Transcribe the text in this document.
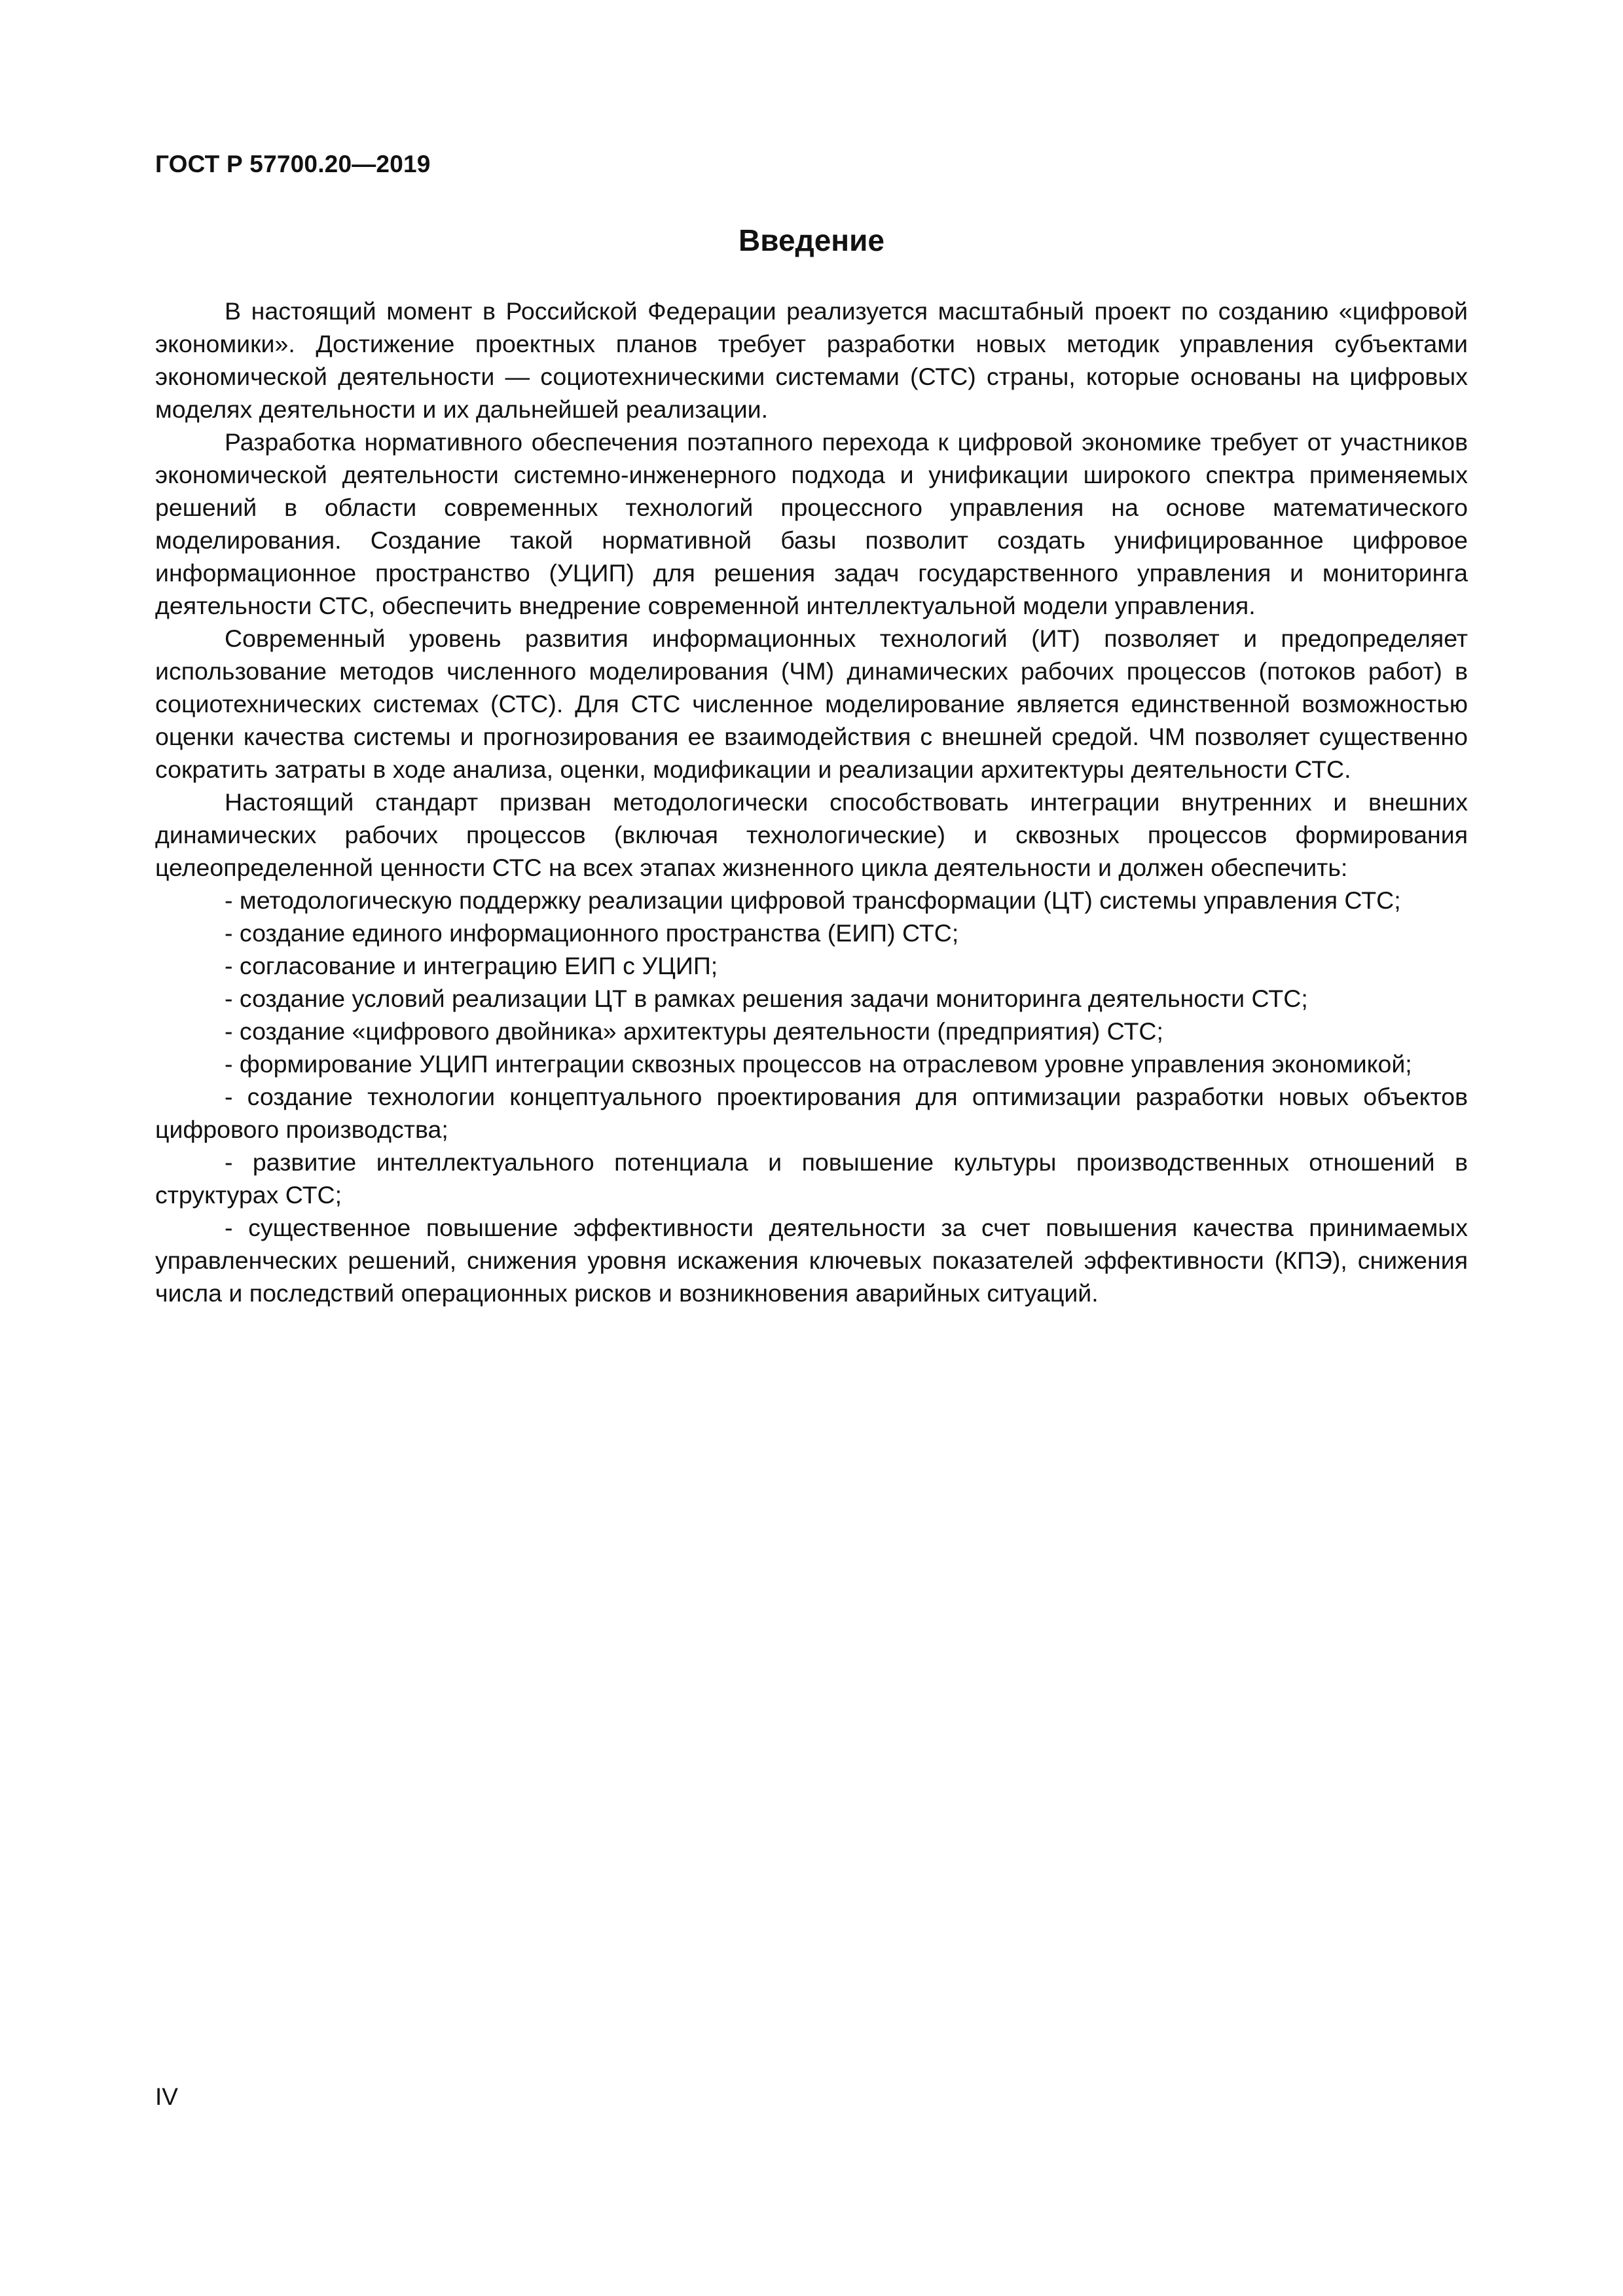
ГОСТ Р 57700.20—2019
Введение

В настоящий момент в Российской Федерации реализуется масштабный проект по созданию «цифровой экономики». Достижение проектных планов требует разработки новых методик управления субъектами экономической деятельности — социотехническими системами (СТС) страны, которые основаны на цифровых моделях деятельности и их дальнейшей реализации.

Разработка нормативного обеспечения поэтапного перехода к цифровой экономике требует от участников экономической деятельности системно-инженерного подхода и унификации широкого спектра применяемых решений в области современных технологий процессного управления на основе математического моделирования. Создание такой нормативной базы позволит создать унифицированное цифровое информационное пространство (УЦИП) для решения задач государственного управления и мониторинга деятельности СТС, обеспечить внедрение современной интеллектуальной модели управления.

Современный уровень развития информационных технологий (ИТ) позволяет и предопределяет использование методов численного моделирования (ЧМ) динамических рабочих процессов (потоков работ) в социотехнических системах (СТС). Для СТС численное моделирование является единственной возможностью оценки качества системы и прогнозирования ее взаимодействия с внешней средой. ЧМ позволяет существенно сократить затраты в ходе анализа, оценки, модификации и реализации архитектуры деятельности СТС.

Настоящий стандарт призван методологически способствовать интеграции внутренних и внешних динамических рабочих процессов (включая технологические) и сквозных процессов формирования целеопределенной ценности СТС на всех этапах жизненного цикла деятельности и должен обеспечить:

- методологическую поддержку реализации цифровой трансформации (ЦТ) системы управления СТС;

- создание единого информационного пространства (ЕИП) СТС;

- согласование и интеграцию ЕИП с УЦИП;

- создание условий реализации ЦТ в рамках решения задачи мониторинга деятельности СТС;

- создание «цифрового двойника» архитектуры деятельности (предприятия) СТС;

- формирование УЦИП интеграции сквозных процессов на отраслевом уровне управления экономикой;

- создание технологии концептуального проектирования для оптимизации разработки новых объектов цифрового производства;

- развитие интеллектуального потенциала и повышение культуры производственных отношений в структурах СТС;

- существенное повышение эффективности деятельности за счет повышения качества принимаемых управленческих решений, снижения уровня искажения ключевых показателей эффективности (КПЭ), снижения числа и последствий операционных рисков и возникновения аварийных ситуаций.

IV
